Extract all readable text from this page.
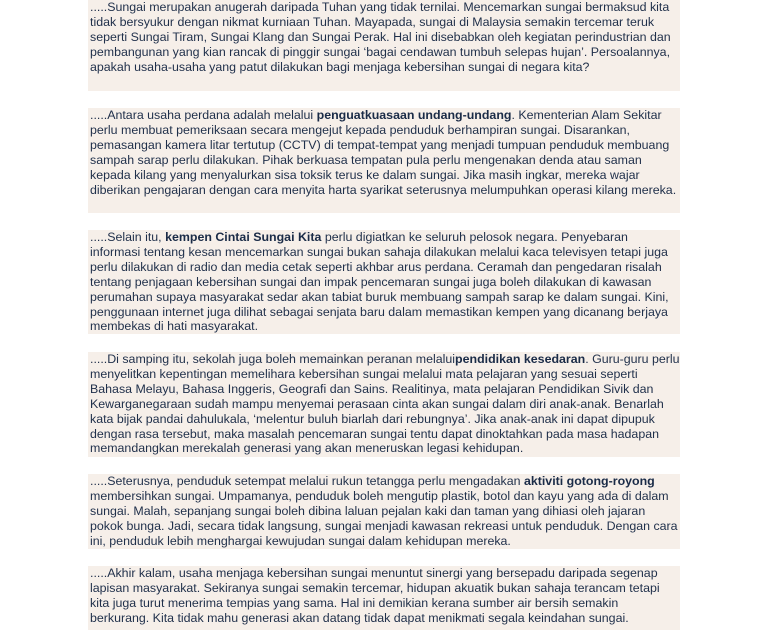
.....Sungai merupakan anugerah daripada Tuhan yang tidak ternilai. Mencemarkan sungai bermaksud kita tidak bersyukur dengan nikmat kurniaan Tuhan. Mayapada, sungai di Malaysia semakin tercemar teruk seperti Sungai Tiram, Sungai Klang dan Sungai Perak. Hal ini disebabkan oleh kegiatan perindustrian dan pembangunan yang kian rancak di pinggir sungai ‘bagai cendawan tumbuh selepas hujan’. Persoalannya, apakah usaha-usaha yang patut dilakukan bagi menjaga kebersihan sungai di negara kita?
.....Antara usaha perdana adalah melalui penguatkuasaan undang-undang. Kementerian Alam Sekitar perlu membuat pemeriksaan secara mengejut kepada penduduk berhampiran sungai. Disarankan, pemasangan kamera litar tertutup (CCTV) di tempat-tempat yang menjadi tumpuan penduduk membuang sampah sarap perlu dilakukan. Pihak berkuasa tempatan pula perlu mengenakan denda atau saman kepada kilang yang menyalurkan sisa toksik terus ke dalam sungai. Jika masih ingkar, mereka wajar diberikan pengajaran dengan cara menyita harta syarikat seterusnya melumpuhkan operasi kilang mereka.
.....Selain itu, kempen Cintai Sungai Kita perlu digiatkan ke seluruh pelosok negara. Penyebaran informasi tentang kesan mencemarkan sungai bukan sahaja dilakukan melalui kaca televisyen tetapi juga perlu dilakukan di radio dan media cetak seperti akhbar arus perdana. Ceramah dan pengedaran risalah tentang penjagaan kebersihan sungai dan impak pencemaran sungai juga boleh dilakukan di kawasan perumahan supaya masyarakat sedar akan tabiat buruk membuang sampah sarap ke dalam sungai. Kini, penggunaan internet juga dilihat sebagai senjata baru dalam memastikan kempen yang dicanang berjaya membekas di hati masyarakat.
.....Di samping itu, sekolah juga boleh memainkan peranan melaluipendidikan kesedaran. Guru-guru perlu menyelitkan kepentingan memelihara kebersihan sungai melalui mata pelajaran yang sesuai seperti Bahasa Melayu, Bahasa Inggeris, Geografi dan Sains. Realitinya, mata pelajaran Pendidikan Sivik dan Kewarganegaraan sudah mampu menyemai perasaan cinta akan sungai dalam diri anak-anak. Benarlah kata bijak pandai dahulukala, ‘melentur buluh biarlah dari rebungnya’. Jika anak-anak ini dapat dipupuk dengan rasa tersebut, maka masalah pencemaran sungai tentu dapat dinoktahkan pada masa hadapan memandangkan merekalah generasi yang akan meneruskan legasi kehidupan.
.....Seterusnya, penduduk setempat melalui rukun tetangga perlu mengadakan aktiviti gotong-royong membersihkan sungai. Umpamanya, penduduk boleh mengutip plastik, botol dan kayu yang ada di dalam sungai. Malah, sepanjang sungai boleh dibina laluan pejalan kaki dan taman yang dihiasi oleh jajaran pokok bunga. Jadi, secara tidak langsung, sungai menjadi kawasan rekreasi untuk penduduk. Dengan cara ini, penduduk lebih menghargai kewujudan sungai dalam kehidupan mereka.
.....Akhir kalam, usaha menjaga kebersihan sungai menuntut sinergi yang bersepadu daripada segenap lapisan masyarakat. Sekiranya sungai semakin tercemar, hidupan akuatik bukan sahaja terancam tetapi kita juga turut menerima tempias yang sama. Hal ini demikian kerana sumber air bersih semakin berkurang. Kita tidak mahu generasi akan datang tidak dapat menikmati segala keindahan sungai.
